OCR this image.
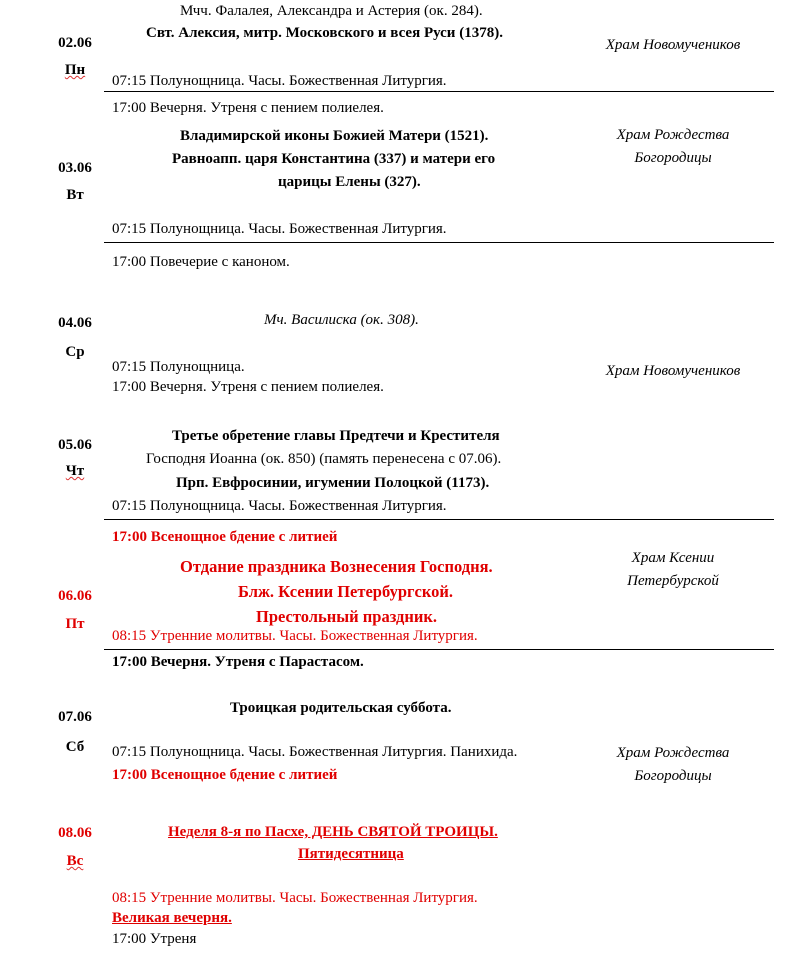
Мчч. Фалалея, Александра и Астерия (ок. 284).
Свт. Алексия, митр. Московского и всея Руси (1378).
02.06
Пн
Храм Новомучеников
07:15 Полунощница. Часы. Божественная Литургия.
17:00 Вечерня. Утреня с пением полиелея.
Владимирской иконы Божией Матери (1521).
Равноапп. царя Константина (337) и матери его
царицы Елены (327).
03.06
Вт
Храм Рождества Богородицы
07:15 Полунощница. Часы. Божественная Литургия.
17:00 Повечерие с каноном.
Мч. Василиска (ок. 308).
04.06
Ср
07:15 Полунощница.
17:00 Вечерня. Утреня с пением полиелея.
Храм Новомучеников
Третье обретение главы Предтечи и Крестителя
Господня Иоанна (ок. 850) (память перенесена с 07.06).
Прп. Евфросинии, игумении Полоцкой (1173).
05.06
Чт
07:15 Полунощница. Часы. Божественная Литургия.
17:00 Всенощное бдение с литией
Храм Ксении Петербурской
Отдание праздника Вознесения Господня.
Блж. Ксении Петербургской.
Престольный праздник.
06.06
Пт
08:15 Утренние молитвы. Часы. Божественная Литургия.
17:00 Вечерня. Утреня с Парастасом.
Троицкая родительская суббота.
07.06
Сб	07:15 Полунощница. Часы. Божественная Литургия. Панихида.
17:00 Всенощное бдение с литией
Храм Рождества Богородицы
Неделя 8-я по Пасхе, ДЕНЬ СВЯТОЙ ТРОИЦЫ.
Пятидесятница
08.06
Вс
08:15 Утренние молитвы. Часы. Божественная Литургия.
Великая вечерня.
17:00 Утреня
